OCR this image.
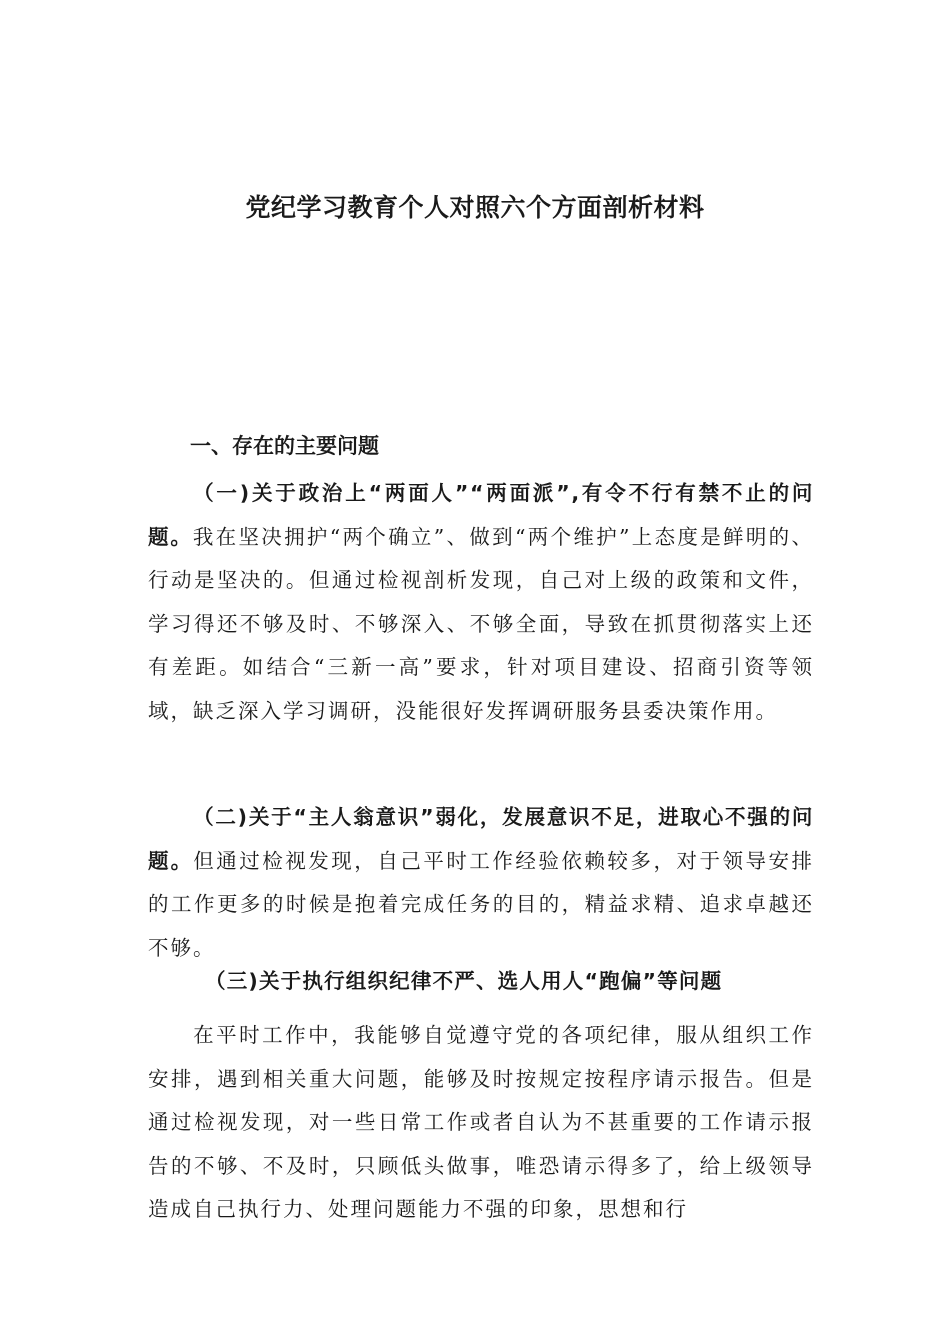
党纪学习教育个人对照六个方面剖析材料
一、存在的主要问题

（一)关于政治上“两面人”“两面派”,有令不行有禁不止的问题。我在坚决拥护“两个确立”、做到“两个维护”上态度是鲜明的、行动是坚决的。但通过检视剖析发现，自己对上级的政策和文件，学习得还不够及时、不够深入、不够全面，导致在抓贯彻落实上还有差距。如结合“三新一高”要求，针对项目建设、招商引资等领域，缺乏深入学习调研，没能很好发挥调研服务县委决策作用。

（二)关于“主人翁意识”弱化，发展意识不足，进取心不强的问题。但通过检视发现，自己平时工作经验依赖较多，对于领导安排的工作更多的时候是抱着完成任务的目的，精益求精、追求卓越还不够。

（三)关于执行组织纪律不严、选人用人“跑偏”等问题

在平时工作中，我能够自觉遵守党的各项纪律，服从组织工作安排，遇到相关重大问题，能够及时按规定按程序请示报告。但是通过检视发现，对一些日常工作或者自认为不甚重要的工作请示报告的不够、不及时，只顾低头做事，唯恐请示得多了，给上级领导造成自己执行力、处理问题能力不强的印象，思想和行
